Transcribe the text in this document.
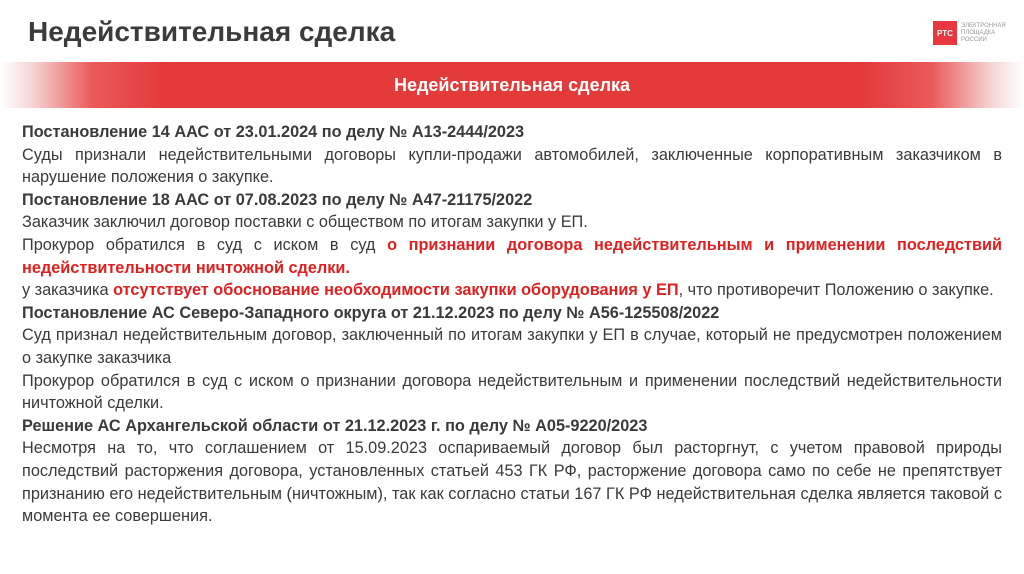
Недействительная сделка	РТС
ЭЛЕКТРОННАЯ ПЛОЩАДКА РОССИИ
Недействительная сделка

Постановление 14 ААС от 23.01.2024 по делу № А13-2444/2023

Суды признали недействительными договоры купли-продажи автомобилей, заключенные корпоративным заказчиком в нарушение положения о закупке.

Постановление 18 ААС от 07.08.2023 по делу № А47-21175/2022

Заказчик заключил договор поставки с обществом по итогам закупки у ЕП.

Прокурор обратился в суд с иском в суд о признании договора недействительным и применении последствий недействительности ничтожной сделки.

у заказчика отсутствует обоснование необходимости закупки оборудования у ЕП, что противоречит Положению о закупке.

Постановление АС Северо-Западного округа от 21.12.2023 по делу № А56-125508/2022

Суд признал недействительным договор, заключенный по итогам закупки у ЕП в случае, который не предусмотрен положением о закупке заказчика

Прокурор обратился в суд с иском о признании договора недействительным и применении последствий недействительности ничтожной сделки.

Решение АС Архангельской области от 21.12.2023 г. по делу № А05-9220/2023

Несмотря на то, что соглашением от 15.09.2023 оспариваемый договор был расторгнут, с учетом правовой природы последствий расторжения договора, установленных статьей 453 ГК РФ, расторжение договора само по себе не препятствует признанию его недействительным (ничтожным), так как согласно статьи 167 ГК РФ недействительная сделка является таковой с момента ее совершения.
